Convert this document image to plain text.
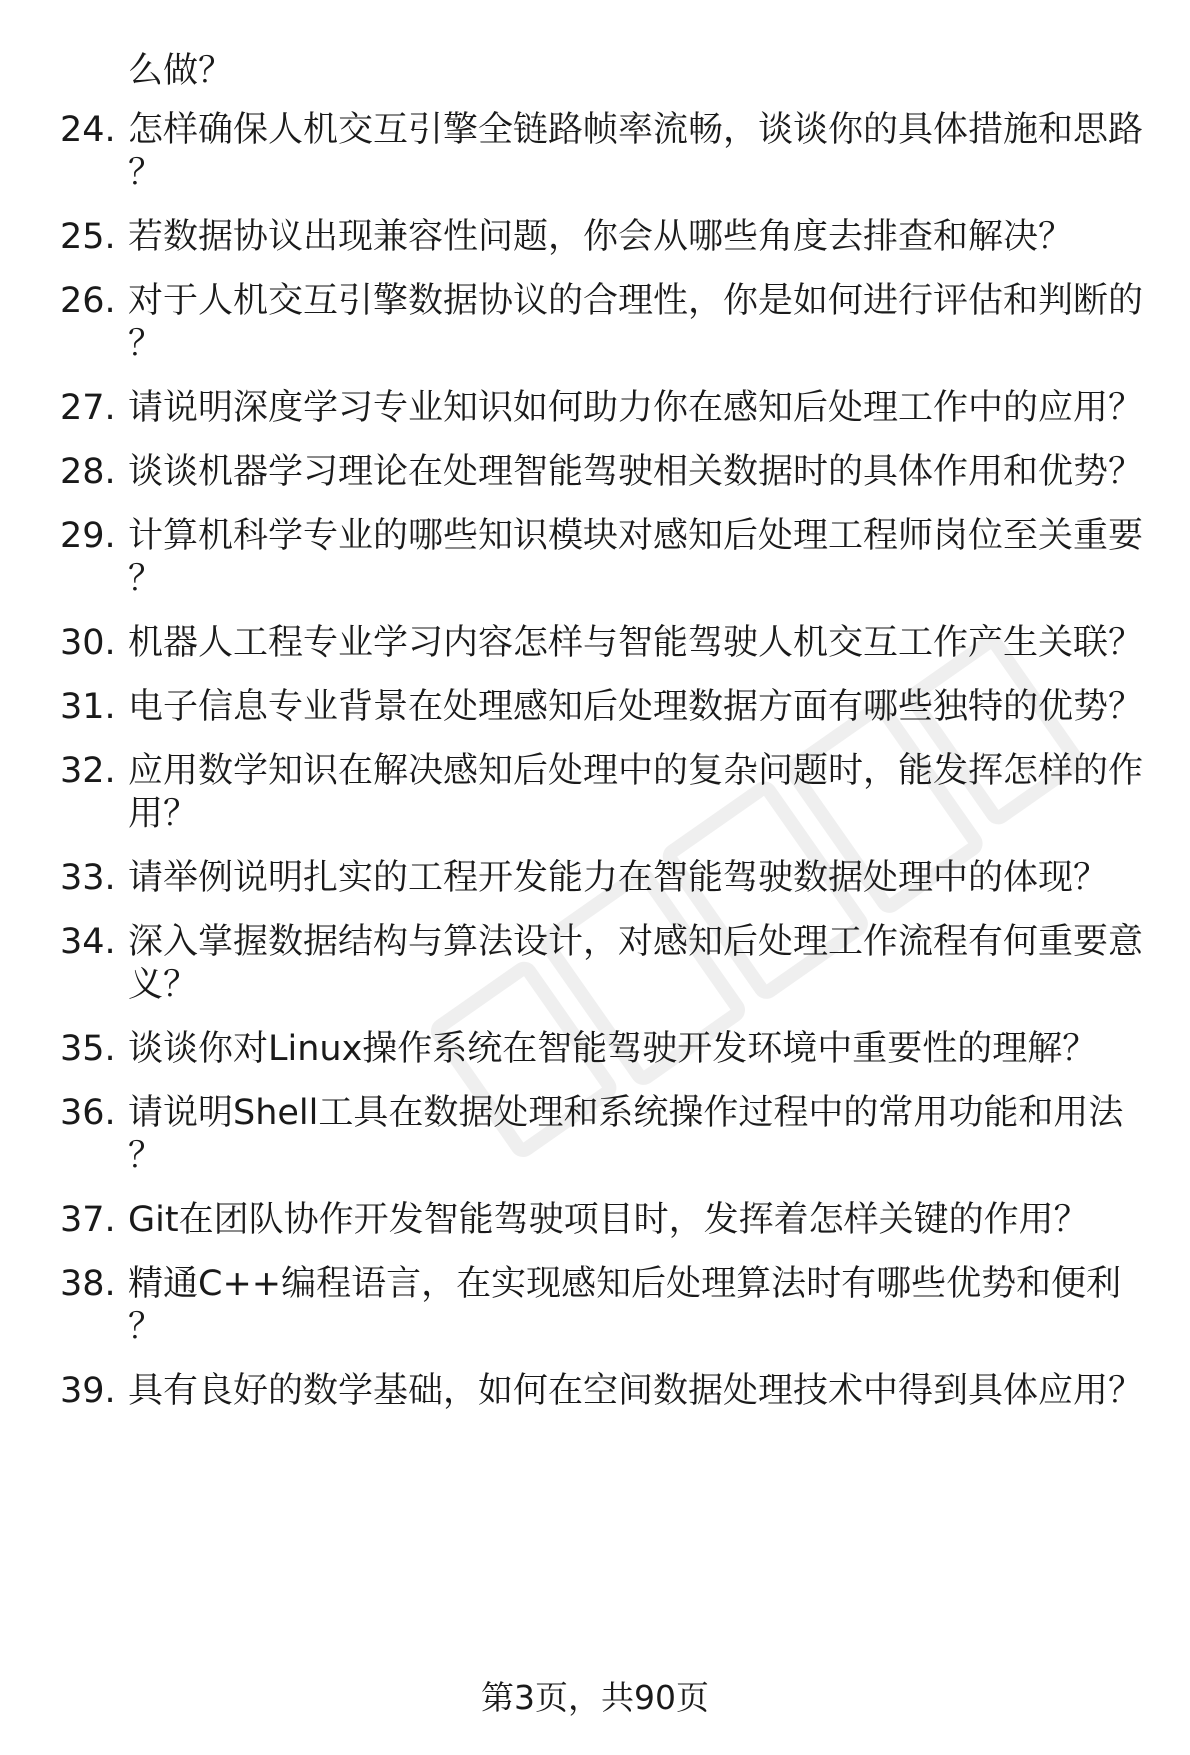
么做？
24. 怎样确保人机交互引擎全链路帧率流畅，谈谈你的具体措施和思路？
25. 若数据协议出现兼容性问题，你会从哪些角度去排查和解决？
26. 对于人机交互引擎数据协议的合理性，你是如何进行评估和判断的？
27. 请说明深度学习专业知识如何助力你在感知后处理工作中的应用？
28. 谈谈机器学习理论在处理智能驾驶相关数据时的具体作用和优势？
29. 计算机科学专业的哪些知识模块对感知后处理工程师岗位至关重要？
30. 机器人工程专业学习内容怎样与智能驾驶人机交互工作产生关联？
31. 电子信息专业背景在处理感知后处理数据方面有哪些独特的优势？
32. 应用数学知识在解决感知后处理中的复杂问题时，能发挥怎样的作用？
33. 请举例说明扎实的工程开发能力在智能驾驶数据处理中的体现？
34. 深入掌握数据结构与算法设计，对感知后处理工作流程有何重要意义？
35. 谈谈你对Linux操作系统在智能驾驶开发环境中重要性的理解？
36. 请说明Shell工具在数据处理和系统操作过程中的常用功能和用法？
37. Git在团队协作开发智能驾驶项目时，发挥着怎样关键的作用？
38. 精通C++编程语言，在实现感知后处理算法时有哪些优势和便利？
39. 具有良好的数学基础，如何在空间数据处理技术中得到具体应用？
第3页，共90页
